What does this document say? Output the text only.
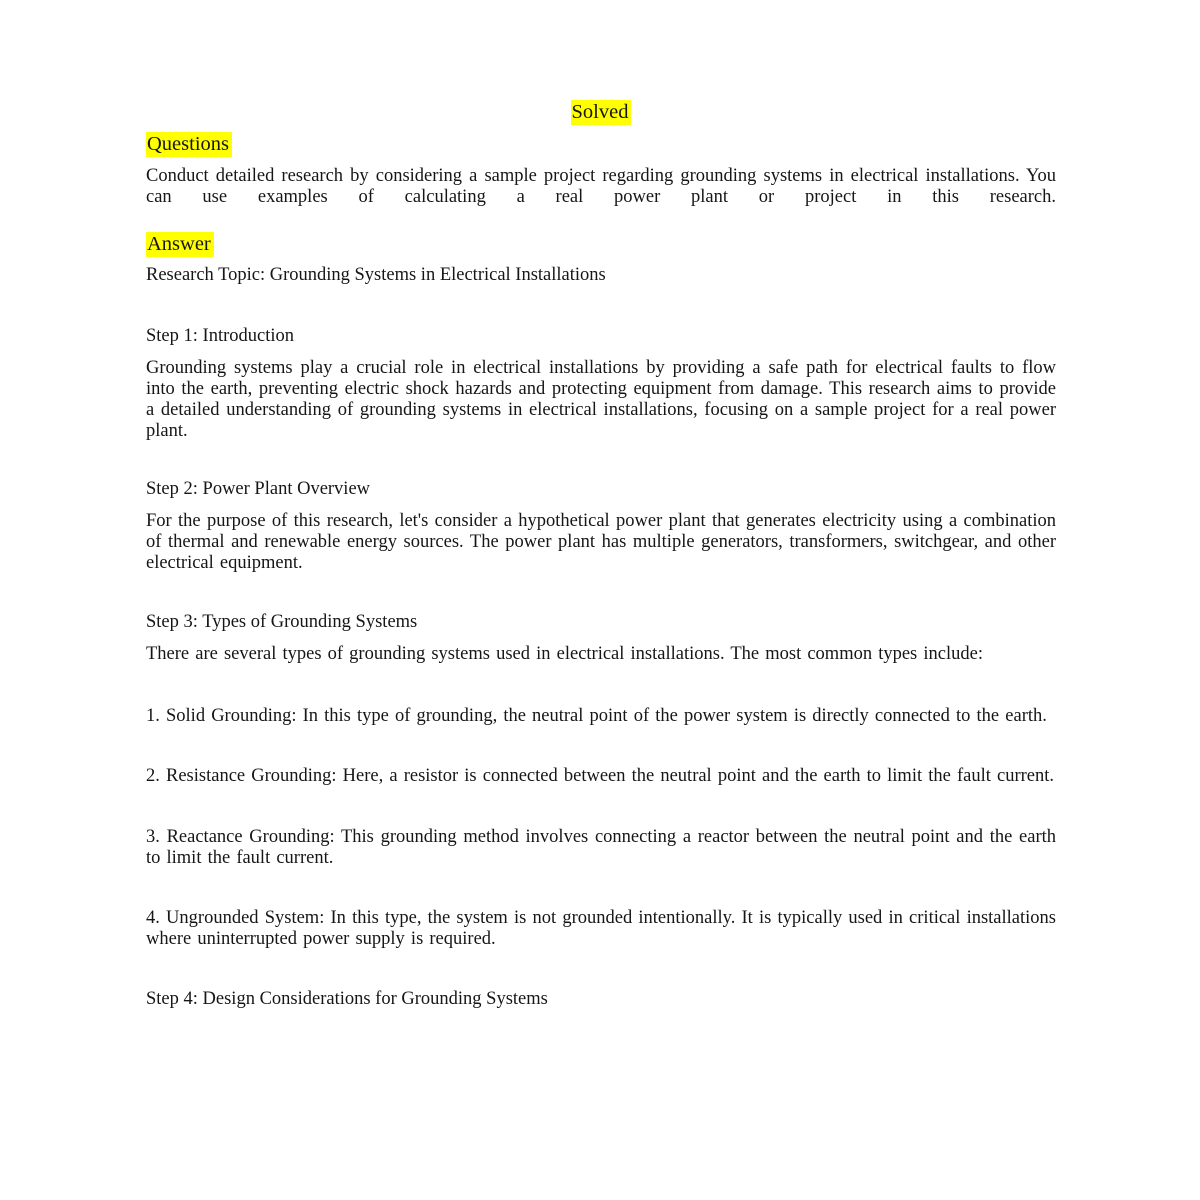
Solved

Questions

Conduct detailed research by considering a sample project regarding grounding systems in electrical installations. You can use examples of calculating a real power plant or project in this research.

Answer

Research Topic: Grounding Systems in Electrical Installations

Step 1: Introduction

Grounding systems play a crucial role in electrical installations by providing a safe path for electrical faults to flow into the earth, preventing electric shock hazards and protecting equipment from damage. This research aims to provide a detailed understanding of grounding systems in electrical installations, focusing on a sample project for a real power plant.

Step 2: Power Plant Overview

For the purpose of this research, let's consider a hypothetical power plant that generates electricity using a combination of thermal and renewable energy sources. The power plant has multiple generators, transformers, switchgear, and other electrical equipment.

Step 3: Types of Grounding Systems

There are several types of grounding systems used in electrical installations. The most common types include:

1. Solid Grounding: In this type of grounding, the neutral point of the power system is directly connected to the earth.

2. Resistance Grounding: Here, a resistor is connected between the neutral point and the earth to limit the fault current.

3. Reactance Grounding: This grounding method involves connecting a reactor between the neutral point and the earth to limit the fault current.

4. Ungrounded System: In this type, the system is not grounded intentionally. It is typically used in critical installations where uninterrupted power supply is required.

Step 4: Design Considerations for Grounding Systems
